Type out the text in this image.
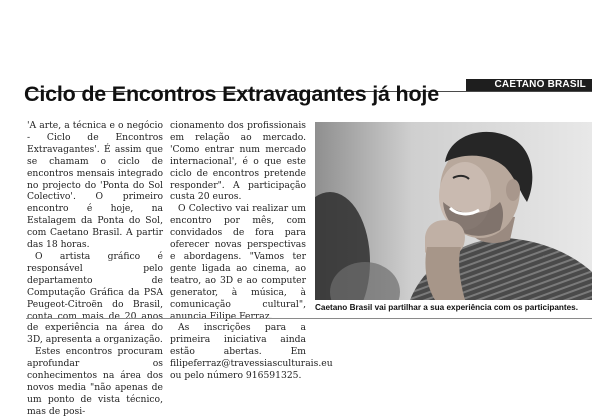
CAETANO BRASIL
Ciclo de Encontros Extravagantes já hoje

'A arte, a técnica e o negócio - Ciclo de Encontros Extravagantes'. É assim que se chamam o ciclo de encontros mensais integrado no projecto do 'Ponta do Sol Colectivo'. O primeiro encontro é hoje, na Estalagem da Ponta do Sol, com Caetano Brasil. A partir das 18 horas.

O artista gráfico é responsável pelo departamento de Computação Gráfica da PSA Peugeot-Citroën do Brasil, conta com mais de 20 anos de experiência na área do 3D, apresenta a organização.

Estes encontros procuram aprofundar os conhecimentos na área dos novos media "não apenas de um ponto de vista técnico, mas de posi-

cionamento dos profissionais em relação ao mercado. 'Como entrar num mercado internacional', é o que este ciclo de encontros pretende responder". A participação custa 20 euros.

O Colectivo vai realizar um encontro por mês, com convidados de fora para oferecer novas perspectivas e abordagens. "Vamos ter gente ligada ao cinema, ao teatro, ao 3D e ao computer generator, à música, à comunicação cultural", anuncia Filipe Ferraz.

As inscrições para a primeira iniciativa ainda estão abertas. Em filipeferraz@travessiasculturais.eu ou pelo número 916591325.

Caetano Brasil vai partilhar a sua experiência com os participantes.
